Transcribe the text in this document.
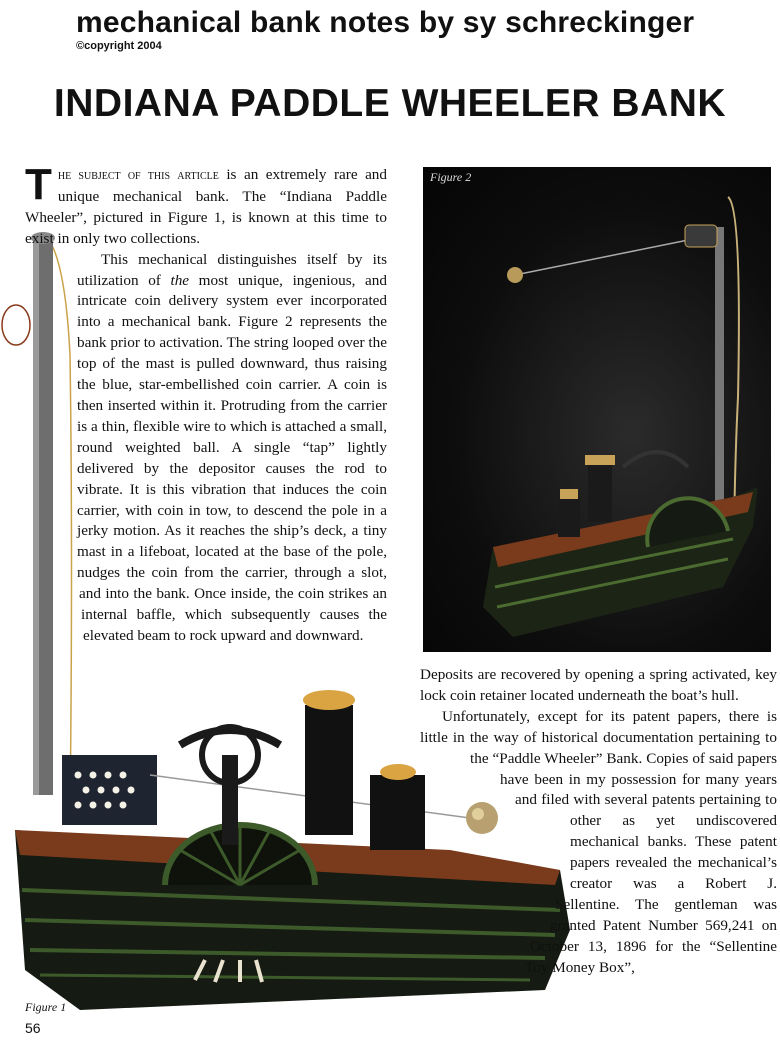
mechanical bank notes by sy schreckinger
©copyright 2004
INDIANA PADDLE WHEELER BANK
Figure 2
Figure 1

The subject of this article is an extremely rare and unique mechanical bank. The “Indiana Paddle Wheeler”, pictured in Figure 1, is known at this time to exist in only two collections.

This mechanical distinguishes itself by its utilization of the most unique, ingenious, and intricate coin delivery system ever incorporated into a mechanical bank. Figure 2 represents the bank prior to activation. The string looped over the top of the mast is pulled downward, thus raising the blue, star-embellished coin carrier. A coin is then inserted within it. Protruding from the carrier is a thin, flexible wire to which is attached a small, round weighted ball. A single “tap” lightly delivered by the depositor causes the rod to vibrate. It is this vibration that induces the coin carrier, with coin in tow, to descend the pole in a jerky motion. As it reaches the ship’s deck, a tiny mast in a lifeboat, located at the base of the pole, nudges the coin from the carrier, through a slot, and into the bank. Once inside, the coin strikes an internal baffle, which subsequently causes the elevated beam to rock upward and downward.

Deposits are recovered by opening a spring activated, key lock coin retainer located underneath the boat’s hull.

Unfortunately, except for its patent papers, there is little in the way of historical documentation pertaining to the “Paddle Wheeler” Bank. Copies of said papers have been in my possession for many years and filed with several patents pertaining to other as yet undiscovered mechanical banks. These patent papers revealed the mechanical’s creator was a Robert J. Sellentine. The gentleman was granted Patent Number 569,241 on October 13, 1896 for the “Sellentine Toy Money Box”,

56
